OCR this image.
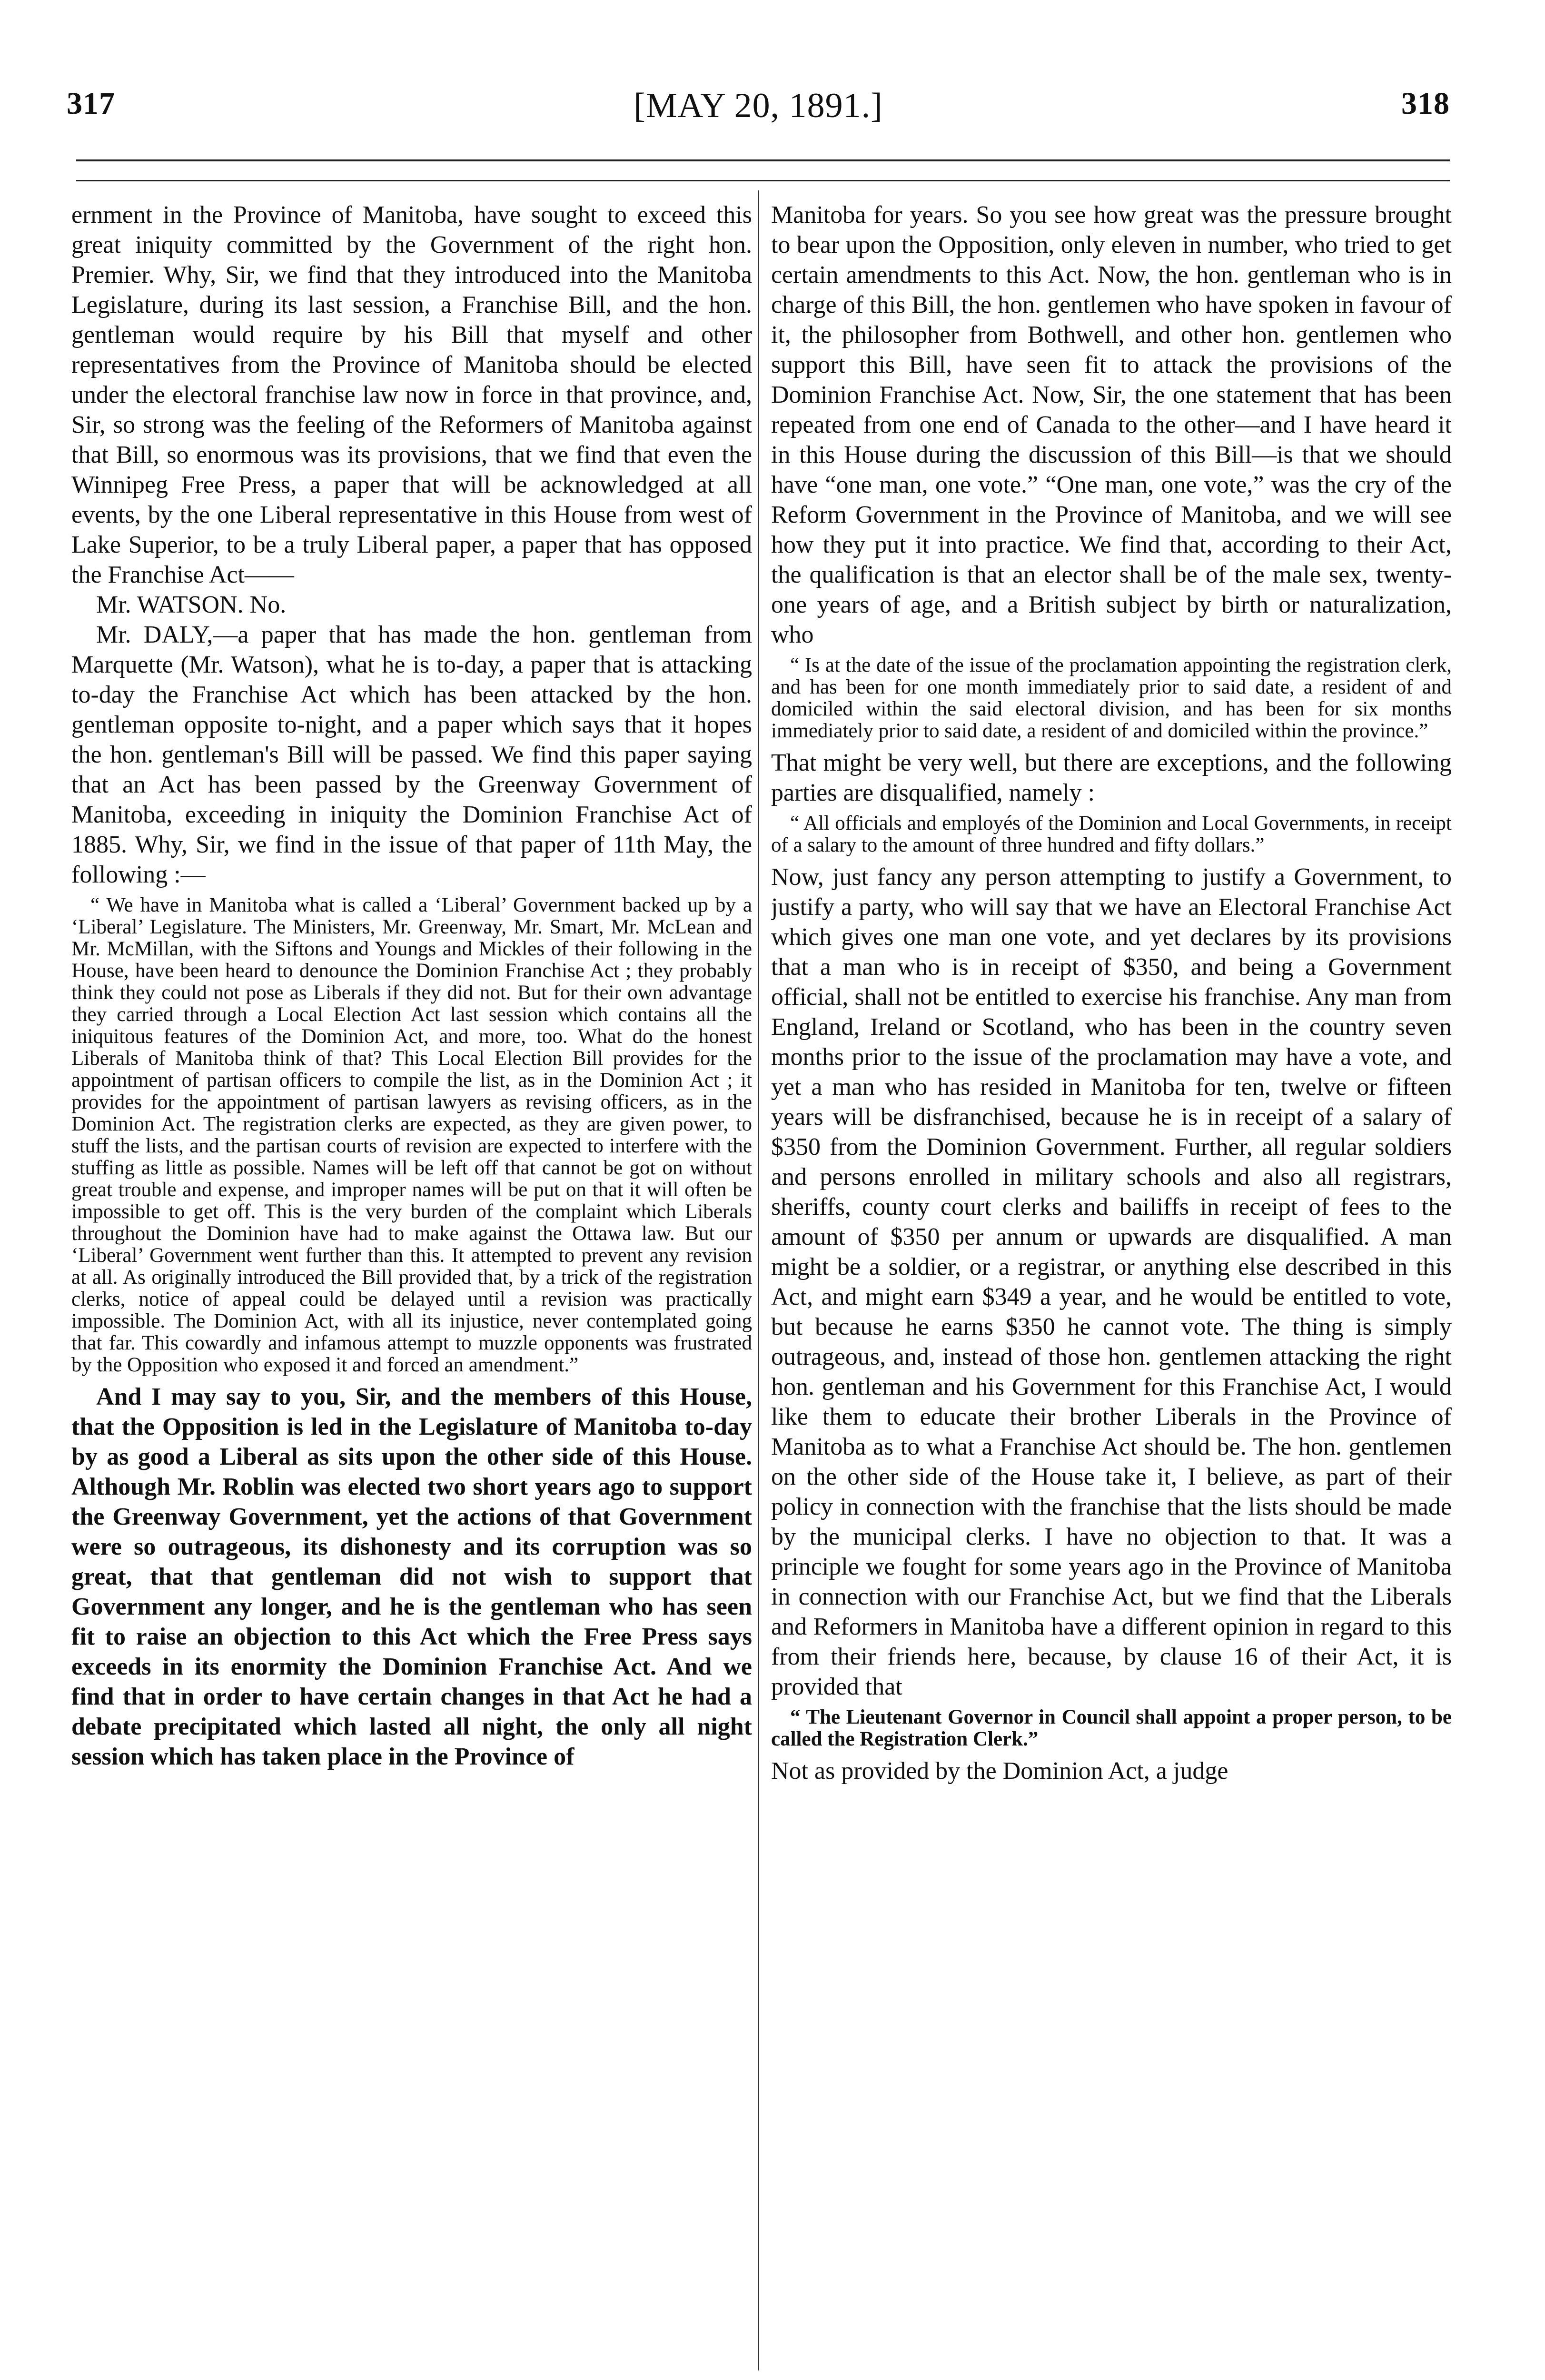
317	[MAY 20, 1891.]	318

ernment in the Province of Manitoba, have sought to exceed this great iniquity committed by the Government of the right hon. Premier. Why, Sir, we find that they introduced into the Manitoba Legislature, during its last session, a Franchise Bill, and the hon. gentleman would require by his Bill that myself and other representatives from the Province of Manitoba should be elected under the electoral franchise law now in force in that province, and, Sir, so strong was the feeling of the Reformers of Manitoba against that Bill, so enormous was its provisions, that we find that even the Winnipeg Free Press, a paper that will be acknowledged at all events, by the one Liberal representative in this House from west of Lake Superior, to be a truly Liberal paper, a paper that has opposed the Franchise Act——

Mr. WATSON. No.

Mr. DALY,—a paper that has made the hon. gentleman from Marquette (Mr. Watson), what he is to-day, a paper that is attacking to-day the Franchise Act which has been attacked by the hon. gentleman opposite to-night, and a paper which says that it hopes the hon. gentleman's Bill will be passed. We find this paper saying that an Act has been passed by the Greenway Government of Manitoba, exceeding in iniquity the Dominion Franchise Act of 1885. Why, Sir, we find in the issue of that paper of 11th May, the following :—

“ We have in Manitoba what is called a ‘Liberal’ Government backed up by a ‘Liberal’ Legislature. The Ministers, Mr. Greenway, Mr. Smart, Mr. McLean and Mr. McMillan, with the Siftons and Youngs and Mickles of their following in the House, have been heard to denounce the Dominion Franchise Act ; they probably think they could not pose as Liberals if they did not. But for their own advantage they carried through a Local Election Act last session which contains all the iniquitous features of the Dominion Act, and more, too. What do the honest Liberals of Manitoba think of that? This Local Election Bill provides for the appointment of partisan officers to compile the list, as in the Dominion Act ; it provides for the appointment of partisan lawyers as revising officers, as in the Dominion Act. The registration clerks are expected, as they are given power, to stuff the lists, and the partisan courts of revision are expected to interfere with the stuffing as little as possible. Names will be left off that cannot be got on without great trouble and expense, and improper names will be put on that it will often be impossible to get off. This is the very burden of the complaint which Liberals throughout the Dominion have had to make against the Ottawa law. But our ‘Liberal’ Government went further than this. It attempted to prevent any revision at all. As originally introduced the Bill provided that, by a trick of the registration clerks, notice of appeal could be delayed until a revision was practically impossible. The Dominion Act, with all its injustice, never contemplated going that far. This cowardly and infamous attempt to muzzle opponents was frustrated by the Opposition who exposed it and forced an amendment.”

And I may say to you, Sir, and the members of this House, that the Opposition is led in the Legislature of Manitoba to-day by as good a Liberal as sits upon the other side of this House. Although Mr. Roblin was elected two short years ago to support the Greenway Government, yet the actions of that Government were so outrageous, its dishonesty and its corruption was so great, that that gentleman did not wish to support that Government any longer, and he is the gentleman who has seen fit to raise an objection to this Act which the Free Press says exceeds in its enormity the Dominion Franchise Act. And we find that in order to have certain changes in that Act he had a debate precipitated which lasted all night, the only all night session which has taken place in the Province of

Manitoba for years. So you see how great was the pressure brought to bear upon the Opposition, only eleven in number, who tried to get certain amendments to this Act. Now, the hon. gentleman who is in charge of this Bill, the hon. gentlemen who have spoken in favour of it, the philosopher from Bothwell, and other hon. gentlemen who support this Bill, have seen fit to attack the provisions of the Dominion Franchise Act. Now, Sir, the one statement that has been repeated from one end of Canada to the other—and I have heard it in this House during the discussion of this Bill—is that we should have “one man, one vote.” “One man, one vote,” was the cry of the Reform Government in the Province of Manitoba, and we will see how they put it into practice. We find that, according to their Act, the qualification is that an elector shall be of the male sex, twenty-one years of age, and a British subject by birth or naturalization, who

“ Is at the date of the issue of the proclamation appointing the registration clerk, and has been for one month immediately prior to said date, a resident of and domiciled within the said electoral division, and has been for six months immediately prior to said date, a resident of and domiciled within the province.”

That might be very well, but there are exceptions, and the following parties are disqualified, namely :

“ All officials and employés of the Dominion and Local Governments, in receipt of a salary to the amount of three hundred and fifty dollars.”

Now, just fancy any person attempting to justify a Government, to justify a party, who will say that we have an Electoral Franchise Act which gives one man one vote, and yet declares by its provisions that a man who is in receipt of $350, and being a Government official, shall not be entitled to exercise his franchise. Any man from England, Ireland or Scotland, who has been in the country seven months prior to the issue of the proclamation may have a vote, and yet a man who has resided in Manitoba for ten, twelve or fifteen years will be disfranchised, because he is in receipt of a salary of $350 from the Dominion Government. Further, all regular soldiers and persons enrolled in military schools and also all registrars, sheriffs, county court clerks and bailiffs in receipt of fees to the amount of $350 per annum or upwards are disqualified. A man might be a soldier, or a registrar, or anything else described in this Act, and might earn $349 a year, and he would be entitled to vote, but because he earns $350 he cannot vote. The thing is simply outrageous, and, instead of those hon. gentlemen attacking the right hon. gentleman and his Government for this Franchise Act, I would like them to educate their brother Liberals in the Province of Manitoba as to what a Franchise Act should be. The hon. gentlemen on the other side of the House take it, I believe, as part of their policy in connection with the franchise that the lists should be made by the municipal clerks. I have no objection to that. It was a principle we fought for some years ago in the Province of Manitoba in connection with our Franchise Act, but we find that the Liberals and Reformers in Manitoba have a different opinion in regard to this from their friends here, because, by clause 16 of their Act, it is provided that

“ The Lieutenant Governor in Council shall appoint a proper person, to be called the Registration Clerk.”

Not as provided by the Dominion Act, a judge
